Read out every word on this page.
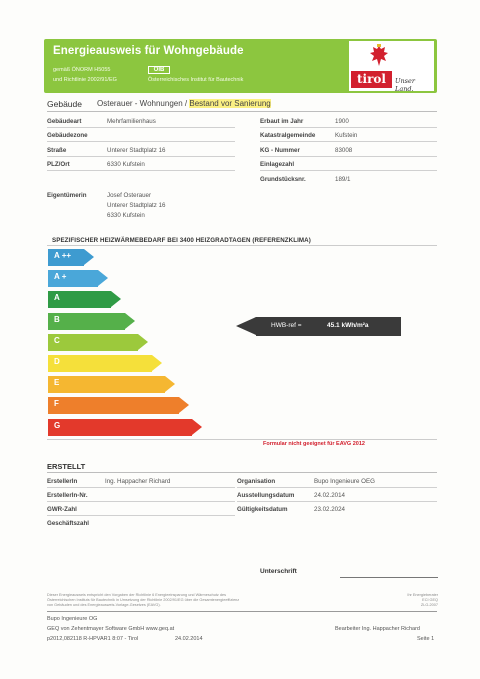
Energieausweis für Wohngebäude
gemäß ÖNORM H5055
und Richtlinie 2002/91/EG
OIB
Österreichisches Institut für Bautechnik	tirol	Unser Land.
Gebäude Osterauer - Wohnungen / Bestand vor Sanierung
Gebäudeart	Mehrfamilienhaus
Gebäudezone
Straße	Unterer Stadtplatz 16
PLZ/Ort	6330 Kufstein
Erbaut im Jahr	1900
Katastralgemeinde	Kufstein
KG - Nummer	83008
Einlagezahl
Grundstücksnr.	189/1
Eigentümerin	Josef Osterauer
Unterer Stadtplatz 16
6330 Kufstein
SPEZIFISCHER HEIZWÄRMEBEDARF BEI 3400 HEIZGRADTAGEN (REFERENZKLIMA)
A ++
A +
A
B
C
D
E
F
G
HWB-ref =	45.1 kWh/m²a
Formular nicht geeignet für EAVG 2012
ERSTELLT
ErstellerIn	Ing. Happacher Richard
ErstellerIn-Nr.
GWR-Zahl
Geschäftszahl
Organisation	Bupo Ingenieure OEG
Ausstellungsdatum	24.02.2014
Gültigkeitsdatum	23.02.2024
Unterschrift
Dieser Energieausweis entspricht den Vorgaben der Richtlinie 6 Energieeinsparung und Wärmeschutz des
Österreichischen Instituts für Bautechnik in Umsetzung der Richtlinie 2002/91/EG über die Gesamtenergieeffizienz
von Gebäuden und des Energieausweis-Vorlage-Gesetzes (EAVG).
Ihr Energieberater
ECI GEQ
ZLG-2007
Bupo Ingenieure OG
GEQ von Zehentmayer Software GmbH www.geq.at
p2012,082118 R-HPVAR1 8:07 - Tirol	24.02.2014
Bearbeiter Ing. Happacher Richard
Seite 1
